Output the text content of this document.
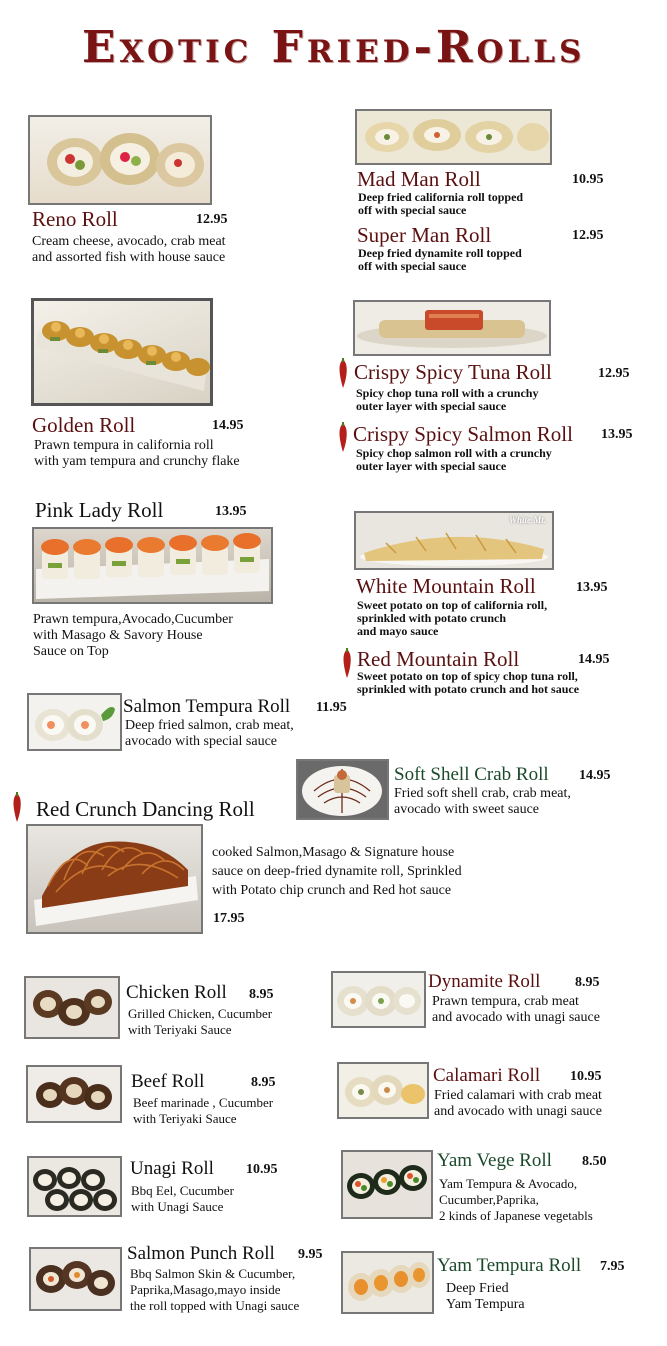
Exotic Fried-Rolls
Reno Roll	12.95
Cream cheese, avocado, crab meat
and assorted fish with house sauce
Mad Man Roll	10.95
Deep fried california roll topped
off with special sauce
Super Man Roll	12.95
Deep fried dynamite roll topped
off with special sauce
Golden Roll	14.95
Prawn tempura in california roll
with yam tempura and crunchy flake
Crispy Spicy Tuna Roll	12.95
Spicy chop tuna roll with a crunchy
outer layer with special sauce
Crispy Spicy Salmon Roll 13.95
Spicy chop salmon roll with a crunchy
outer layer with special sauce
Pink Lady Roll	13.95
Prawn tempura,Avocado,Cucumber
with Masago & Savory House
Sauce on Top
White Mt.
White Mountain Roll	13.95
Sweet potato on top of california roll,
sprinkled with potato crunch
and mayo sauce
Red Mountain Roll	14.95
Sweet potato on top of spicy chop tuna roll,
sprinkled with potato crunch and hot sauce
Salmon Tempura Roll 11.95
Deep fried salmon, crab meat,
avocado with special sauce
Soft Shell Crab Roll 14.95
Fried soft shell crab, crab meat,
avocado with sweet sauce
Red Crunch Dancing Roll
cooked Salmon,Masago & Signature house
sauce on deep-fried dynamite roll, Sprinkled
with Potato chip crunch and Red hot sauce
17.95
Chicken Roll 8.95
Grilled Chicken, Cucumber
with Teriyaki Sauce
Dynamite Roll 8.95
Prawn tempura, crab meat
and avocado with unagi sauce
Beef Roll	8.95
Beef marinade , Cucumber
with Teriyaki Sauce
Calamari Roll 10.95
Fried calamari with crab meat
and avocado with unagi sauce
Unagi Roll 10.95
Bbq Eel, Cucumber
with Unagi Sauce
Yam Vege Roll 8.50
Yam Tempura & Avocado,
Cucumber,Paprika,
2 kinds of Japanese vegetabls
Salmon Punch Roll 9.95
Bbq Salmon Skin & Cucumber,
Paprika,Masago,mayo inside
the roll topped with Unagi sauce
Yam Tempura Roll 7.95
Deep Fried
Yam Tempura
